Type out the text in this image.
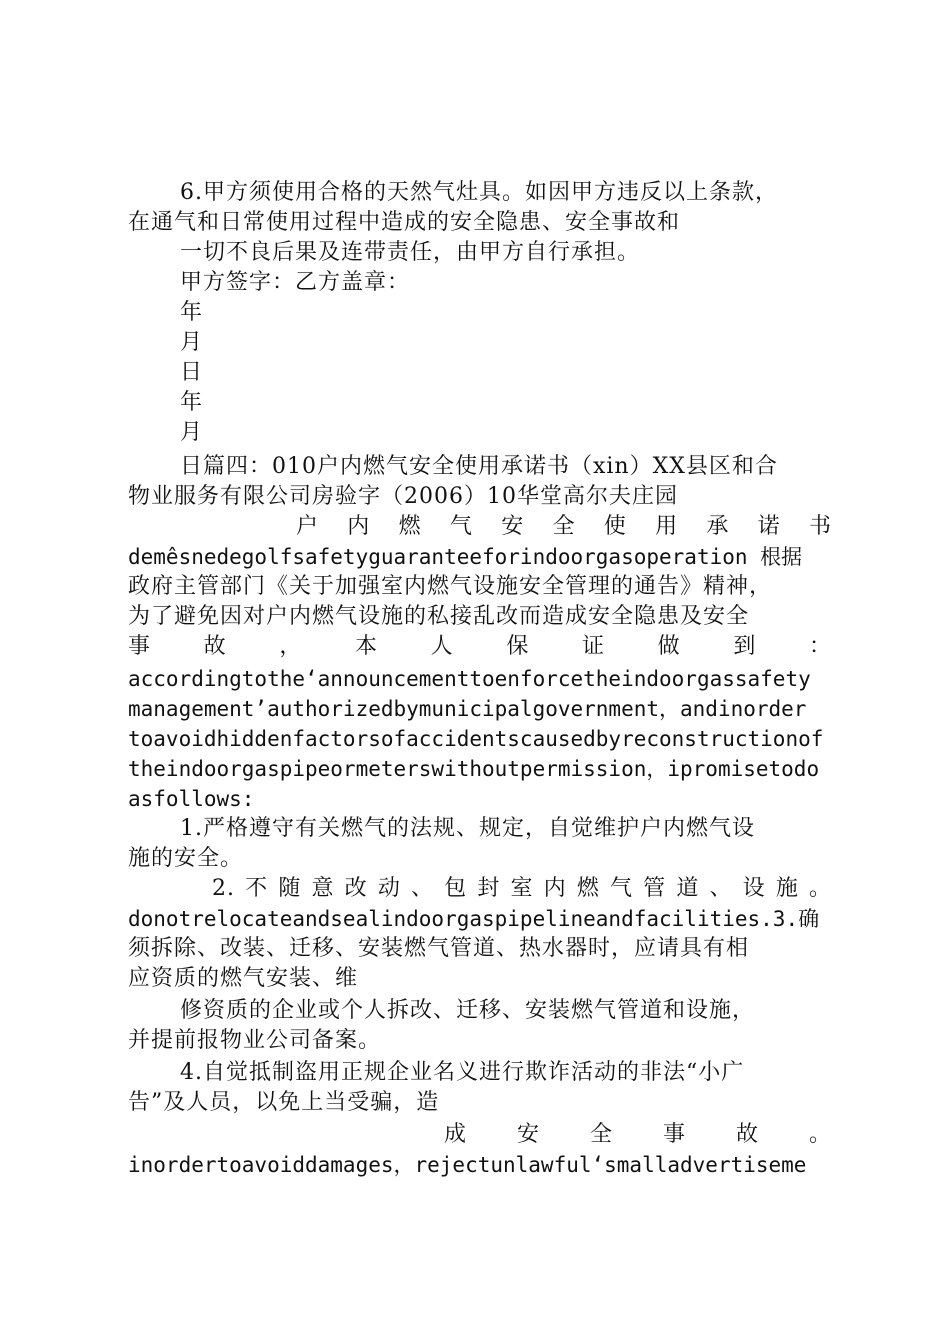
6.甲方须使用合格的天然气灶具。如因甲方违反以上条款，
在通气和日常使用过程中造成的安全隐患、安全事故和
一切不良后果及连带责任，由甲方自行承担。
甲方签字：乙方盖章：
年
月
日
年
月
日篇四：010户内燃气安全使用承诺书（xin）XX县区和合
物业服务有限公司房验字（2006）10华堂高尔夫庄园
户内燃气安全使用承诺书
demêsnedegolfsafetyguaranteeforindoorgasoperation 根据
政府主管部门《关于加强室内燃气设施安全管理的通告》精神，
为了避免因对户内燃气设施的私接乱改而造成安全隐患及安全
事故，本人保证做到：
accordingtothe‘announcementtoenforcetheindoorgassafety
management’authorizedbymunicipalgovernment，andinorder
toavoidhiddenfactorsofaccidentscausedbyreconstructionof
theindoorgaspipeormeterswithoutpermission，ipromisetodo
asfollows:
1.严格遵守有关燃气的法规、规定，自觉维护户内燃气设
施的安全。
2.不随意改动、包封室内燃气管道、设施。
donotrelocateandsealindoorgaspipelineandfacilities.3.确
须拆除、改装、迁移、安装燃气管道、热水器时，应请具有相
应资质的燃气安装、维
修资质的企业或个人拆改、迁移、安装燃气管道和设施，
并提前报物业公司备案。
4.自觉抵制盗用正规企业名义进行欺诈活动的非法“小广
告”及人员，以免上当受骗，造
成安全事故。
inordertoavoiddamages，rejectunlawful‘smalladvertiseme
